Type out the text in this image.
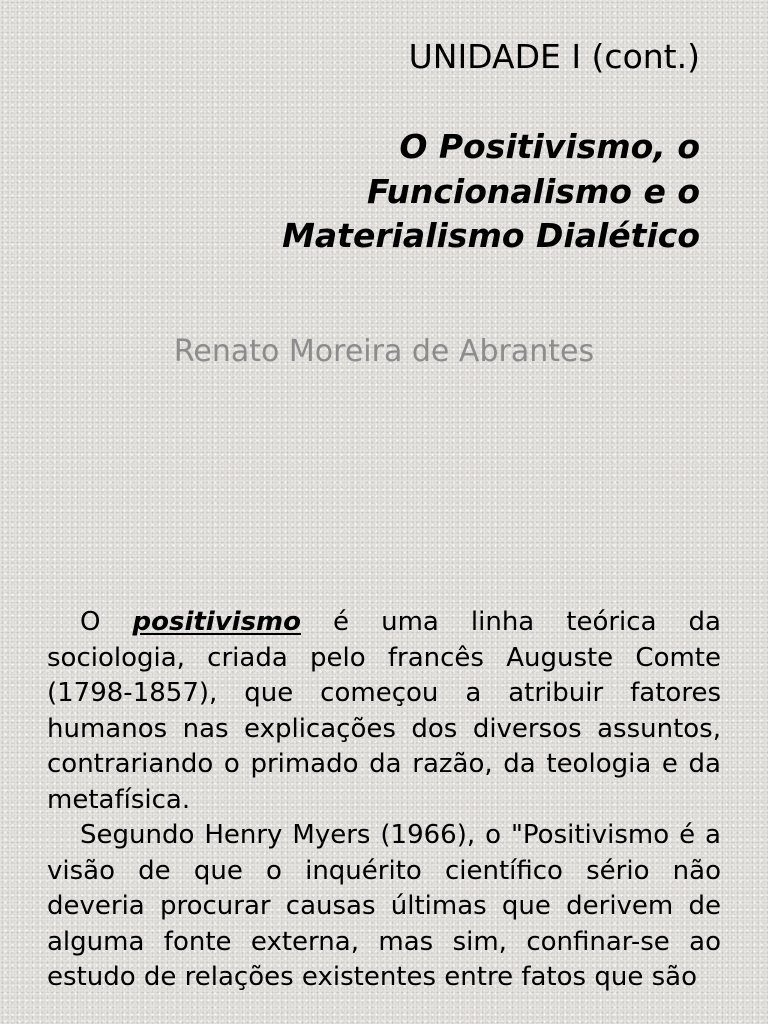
UNIDADE I (cont.)
O Positivismo, o
Funcionalismo e o
Materialismo Dialético
Renato Moreira de Abrantes

O positivismo é uma linha teórica da sociologia, criada pelo francês Auguste Comte (1798-1857), que começou a atribuir fatores humanos nas explicações dos diversos assuntos, contrariando o primado da razão, da teologia e da metafísica.

Segundo Henry Myers (1966), o "Positivismo é a visão de que o inquérito científico sério não deveria procurar causas últimas que derivem de alguma fonte externa, mas sim, confinar-se ao estudo de relações existentes entre fatos que são
